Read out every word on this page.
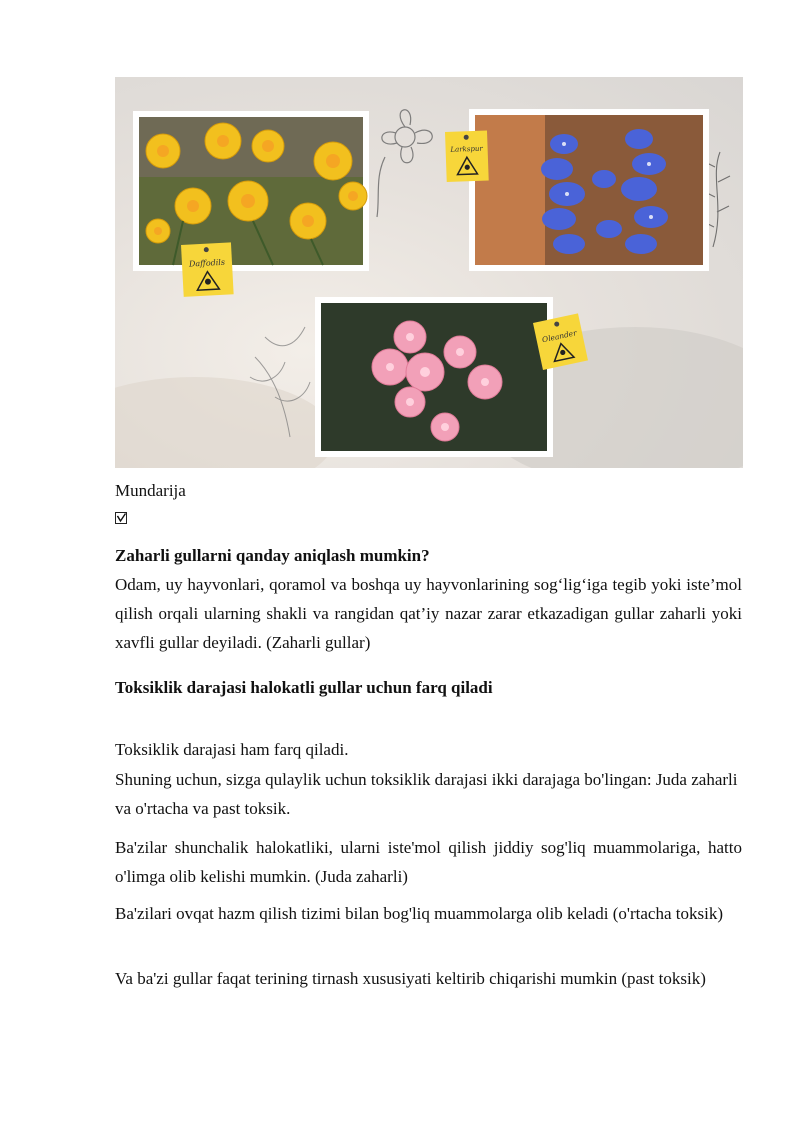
Daffodils
Larkspur
Oleander
Mundarija
Zaharli gullarni qanday aniqlash mumkin?
Odam, uy hayvonlari, qoramol va boshqa uy hayvonlarining sog‘lig‘iga tegib yoki iste’mol qilish orqali ularning shakli va rangidan qat’iy nazar zarar etkazadigan gullar zaharli yoki xavfli gullar deyiladi. (Zaharli gullar)
Toksiklik darajasi halokatli gullar uchun farq qiladi
Toksiklik darajasi ham farq qiladi.
Shuning uchun, sizga qulaylik uchun toksiklik darajasi ikki darajaga bo'lingan: Juda zaharli va o'rtacha va past toksik.
Ba'zilar shunchalik halokatliki, ularni iste'mol qilish jiddiy sog'liq muammolariga, hatto o'limga olib kelishi mumkin. (Juda zaharli)
Ba'zilari ovqat hazm qilish tizimi bilan bog'liq muammolarga olib keladi (o'rtacha toksik)
Va ba'zi gullar faqat terining tirnash xususiyati keltirib chiqarishi mumkin (past toksik)
